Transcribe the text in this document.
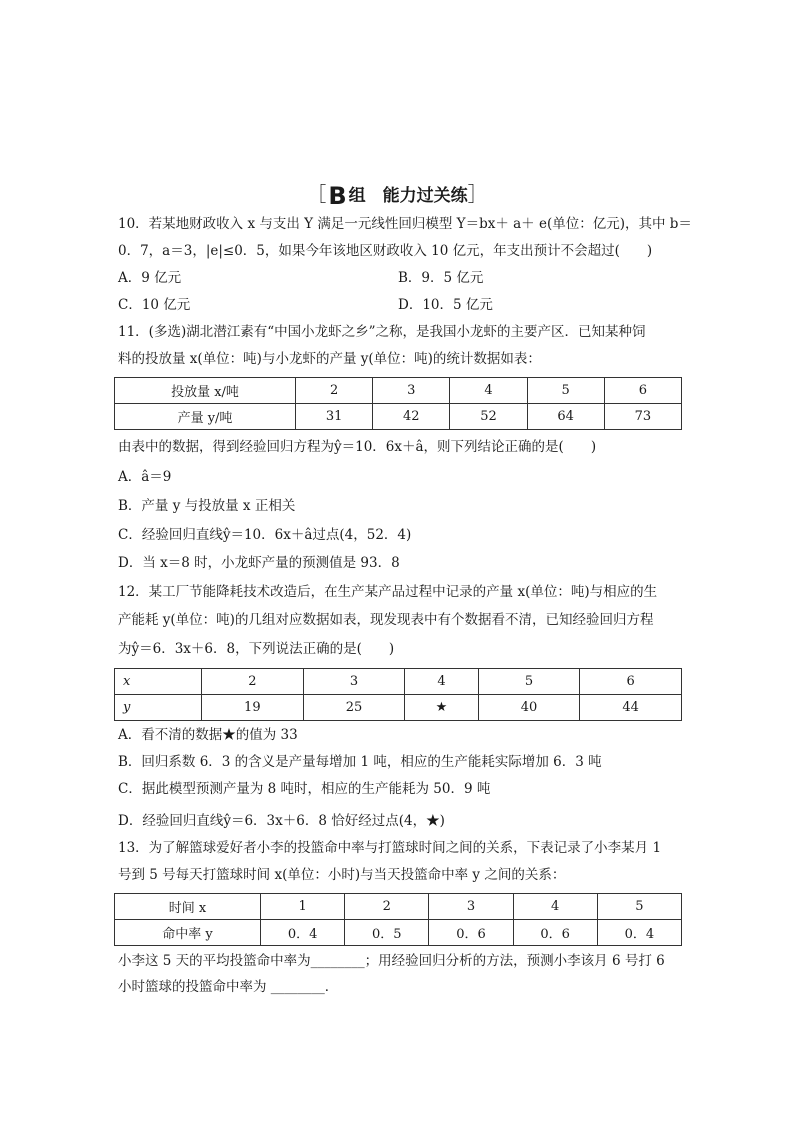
［B 组　能力过关练］
10．若某地财政收入 x 与支出 Y 满足一元线性回归模型 Y＝bx＋ a＋ e(单位：亿元)，其中 b＝
0．7，a＝3，|e|≤0．5，如果今年该地区财政收入 10 亿元，年支出预计不会超过(　　)
A．9 亿元	B．9．5 亿元
C．10 亿元	D．10．5 亿元
11．(多选)湖北潜江素有“中国小龙虾之乡”之称，是我国小龙虾的主要产区．已知某种饲
料的投放量 x(单位：吨)与小龙虾的产量 y(单位：吨)的统计数据如表：
投放量 x/吨	2	3	4	5	6
产量 y/吨	31	42	52	64	73
由表中的数据，得到经验回归方程为ŷ＝10．6x＋â，则下列结论正确的是(　　)
A．â＝9
B．产量 y 与投放量 x 正相关
C．经验回归直线ŷ＝10．6x＋â过点(4，52．4)
D．当 x＝8 时，小龙虾产量的预测值是 93．8
12．某工厂节能降耗技术改造后，在生产某产品过程中记录的产量 x(单位：吨)与相应的生
产能耗 y(单位：吨)的几组对应数据如表，现发现表中有个数据看不清，已知经验回归方程
为ŷ＝6．3x＋6．8，下列说法正确的是(　　)
x	2	3	4	5	6
y	19	25	★	40	44
A．看不清的数据★的值为 33
B．回归系数 6．3 的含义是产量每增加 1 吨，相应的生产能耗实际增加 6．3 吨
C．据此模型预测产量为 8 吨时，相应的生产能耗为 50．9 吨
D．经验回归直线ŷ＝6．3x＋6．8 恰好经过点(4，★)
13．为了解篮球爱好者小李的投篮命中率与打篮球时间之间的关系，下表记录了小李某月 1
号到 5 号每天打篮球时间 x(单位：小时)与当天投篮命中率 y 之间的关系：
时间 x	1	2	3	4	5
命中率 y	0．4	0．5	0．6	0．6	0．4
小李这 5 天的平均投篮命中率为________；用经验回归分析的方法，预测小李该月 6 号打 6
小时篮球的投篮命中率为 ________．
